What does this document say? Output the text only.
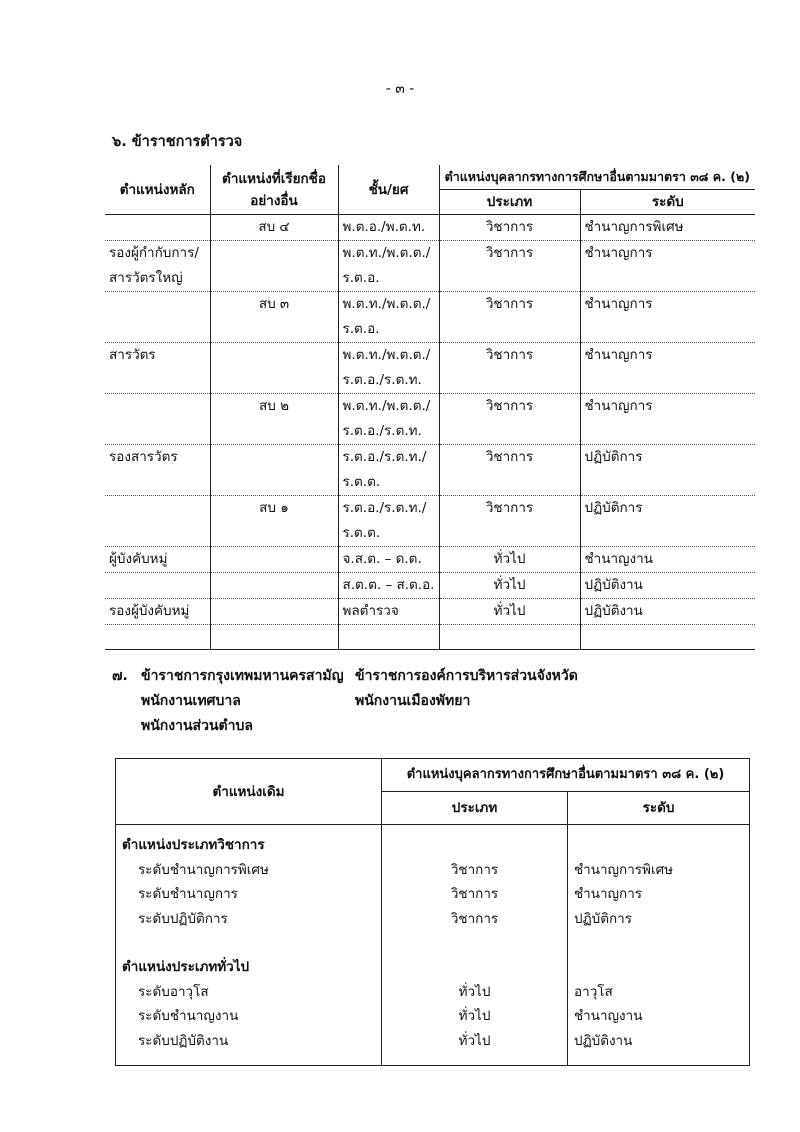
- ๓ -
๖. ข้าราชการตำรวจ
ตำแหน่งหลัก	ตำแหน่งที่เรียกชื่ออย่างอื่น	ชั้น/ยศ	ตำแหน่งบุคลากรทางการศึกษาอื่นตามมาตรา ๓๘ ค. (๒)	
			ประเภท	ระดับ
	สบ ๔	พ.ต.อ./พ.ต.ท.	วิชาการ	ชำนาญการพิเศษ
รองผู้กำกับการ/สารวัตรใหญ่		พ.ต.ท./พ.ต.ต./ร.ต.อ.	วิชาการ	ชำนาญการ
	สบ ๓	พ.ต.ท./พ.ต.ต./ร.ต.อ.	วิชาการ	ชำนาญการ
สารวัตร		พ.ต.ท./พ.ต.ต./ร.ต.อ./ร.ต.ท.	วิชาการ	ชำนาญการ
	สบ ๒	พ.ต.ท./พ.ต.ต./ร.ต.อ./ร.ต.ท.	วิชาการ	ชำนาญการ
รองสารวัตร		ร.ต.อ./ร.ต.ท./ร.ต.ต.	วิชาการ	ปฏิบัติการ
	สบ ๑	ร.ต.อ./ร.ต.ท./ร.ต.ต.	วิชาการ	ปฏิบัติการ
ผู้บังคับหมู่		จ.ส.ต. – ด.ต.	ทั่วไป	ชำนาญงาน
		ส.ต.ต. – ส.ต.อ.	ทั่วไป	ปฏิบัติงาน
รองผู้บังคับหมู่		พลตำรวจ	ทั่วไป	ปฏิบัติงาน

๗. ข้าราชการกรุงเทพมหานครสามัญ ข้าราชการองค์การบริหารส่วนจังหวัด
พนักงานเทศบาล	พนักงานเมืองพัทยา
พนักงานส่วนตำบล
ตำแหน่งเดิม	ตำแหน่งบุคลากรทางการศึกษาอื่นตามมาตรา ๓๘ ค. (๒)	
	ประเภท	ระดับ
ตำแหน่งประเภทวิชาการ		
ระดับชำนาญการพิเศษ	วิชาการ	ชำนาญการพิเศษ
ระดับชำนาญการ	วิชาการ	ชำนาญการ
ระดับปฏิบัติการ	วิชาการ	ปฏิบัติการ

ตำแหน่งประเภททั่วไป		
ระดับอาวุโส	ทั่วไป	อาวุโส
ระดับชำนาญงาน	ทั่วไป	ชำนาญงาน
ระดับปฏิบัติงาน	ทั่วไป	ปฏิบัติงาน
